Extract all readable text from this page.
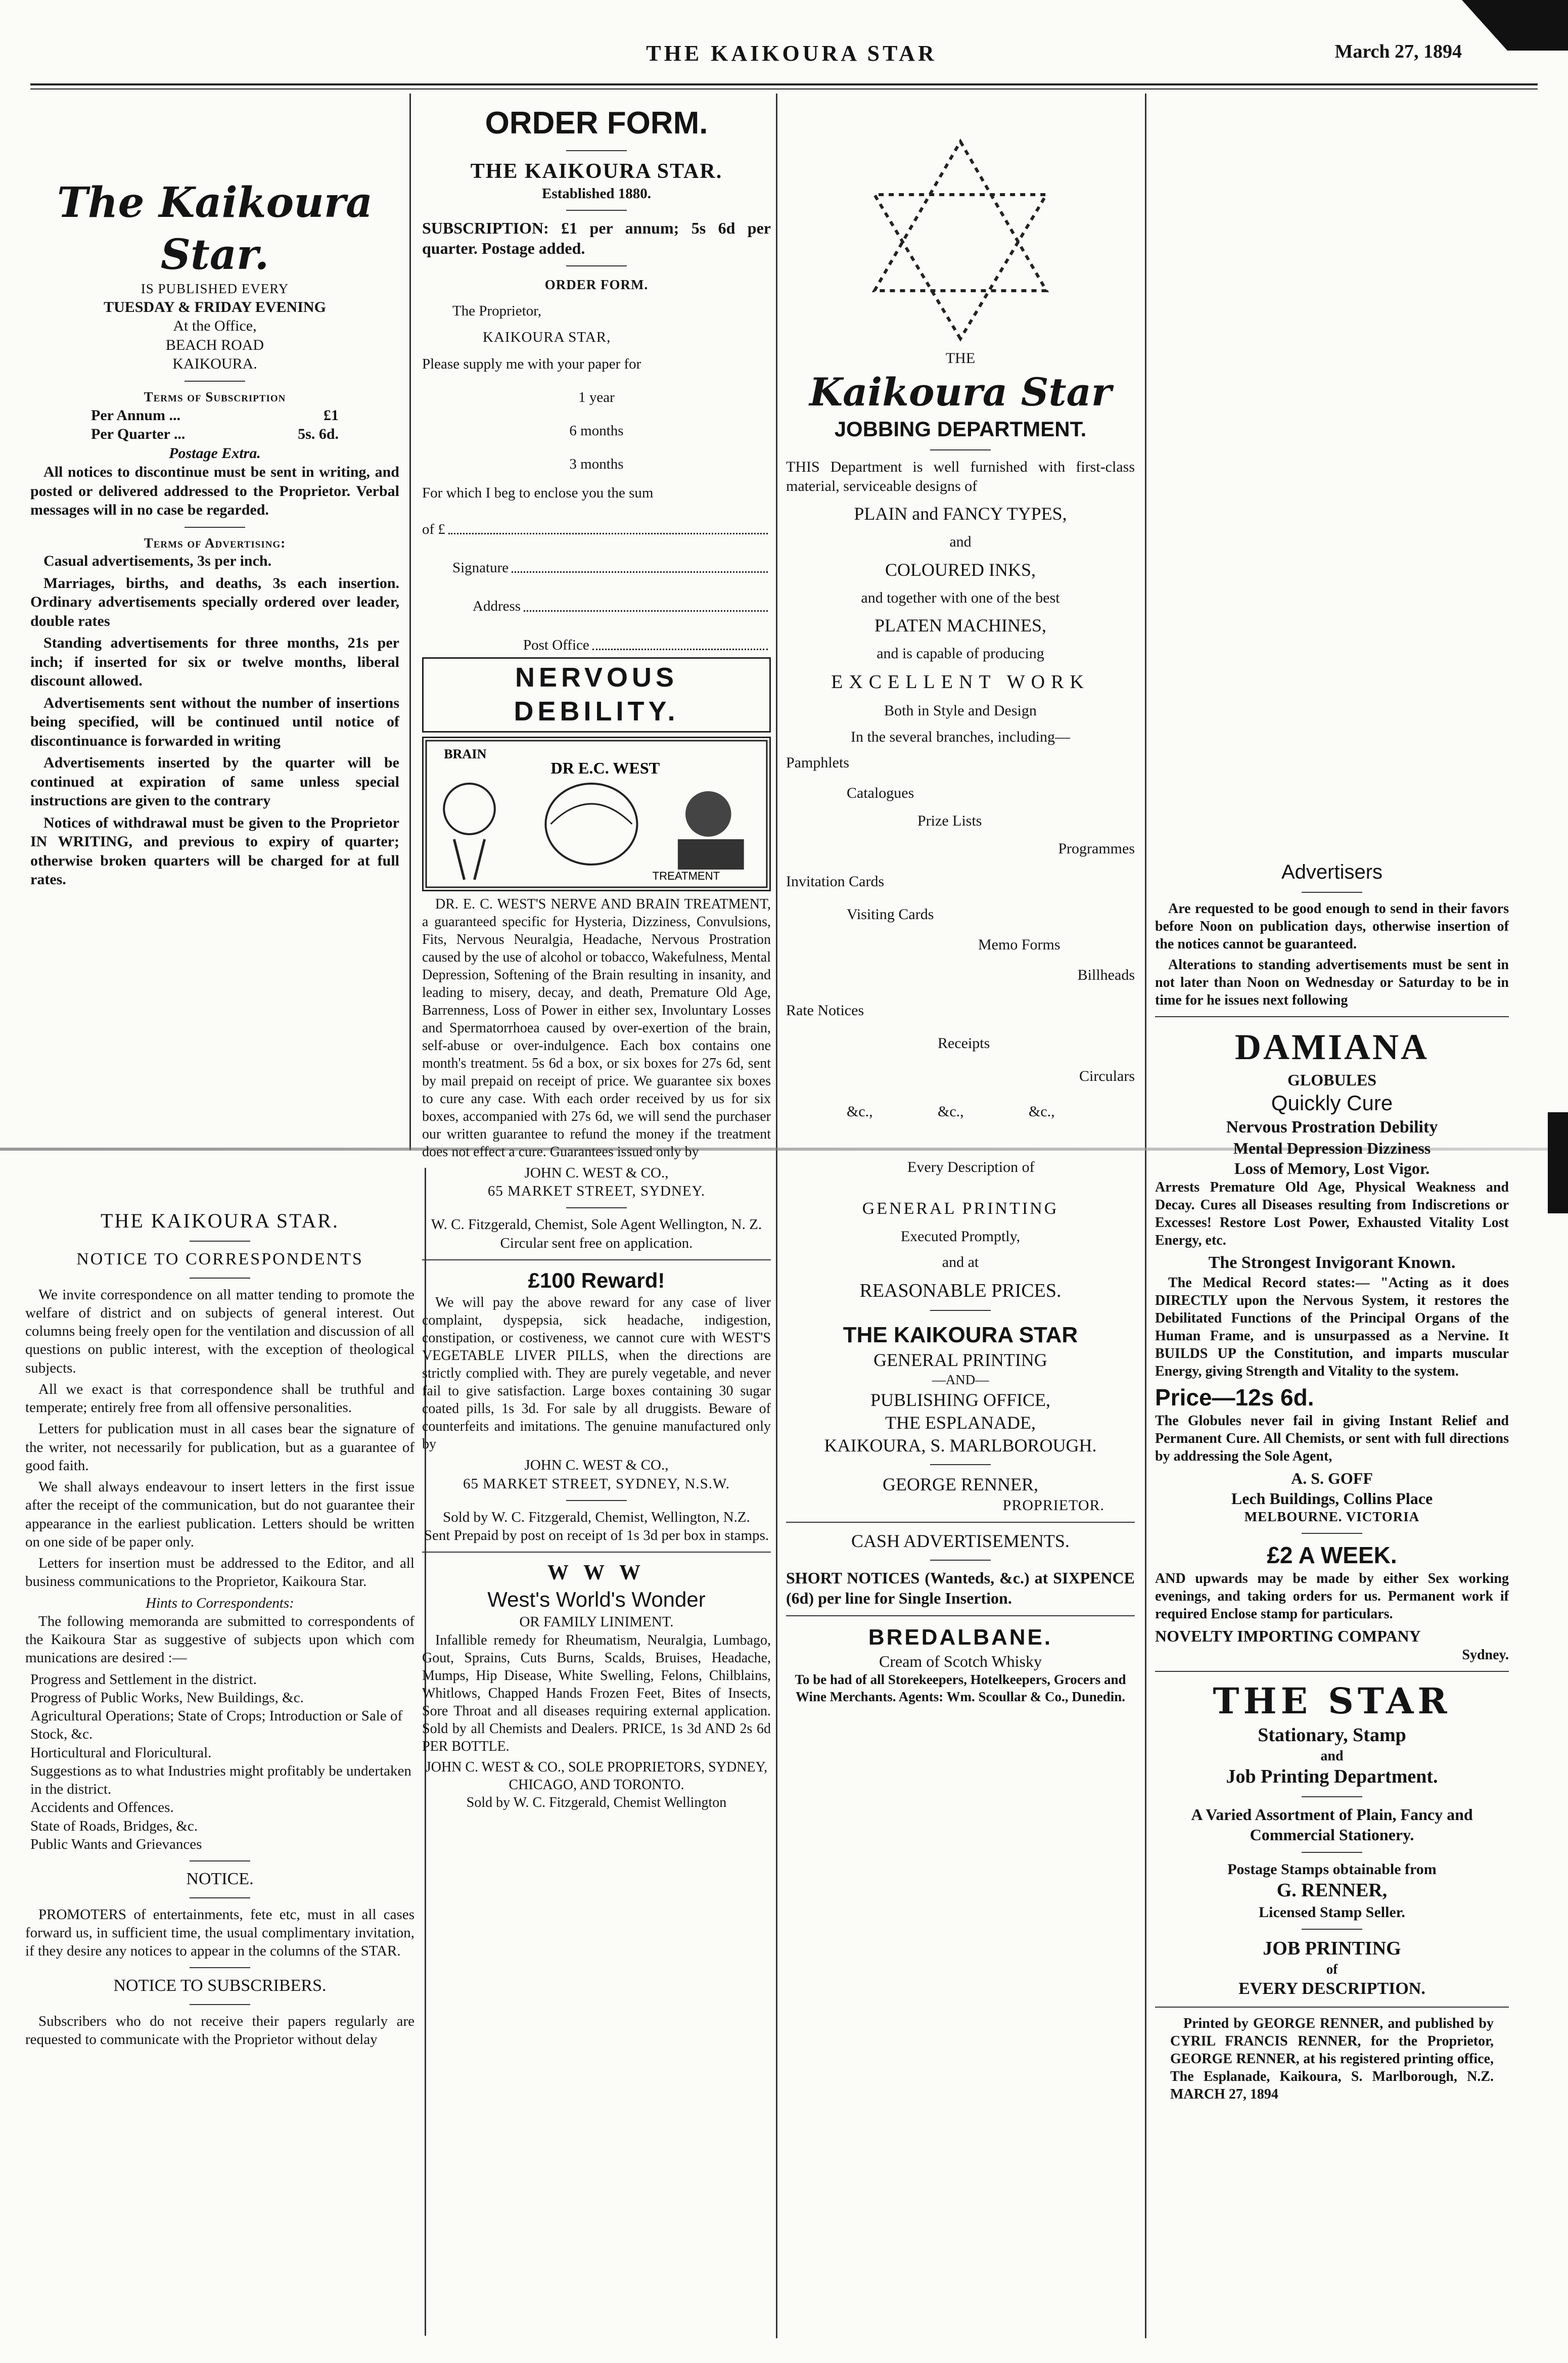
THE KAIKOURA STAR	March 27, 1894
The Kaikoura Star.
IS PUBLISHED EVERY
TUESDAY & FRIDAY EVENING
At the Office,
BEACH ROAD
KAIKOURA.
Terms of Subscription
Per Annum ...	£1
Per Quarter ...	5s. 6d.
Postage Extra.

All notices to discontinue must be sent in writing, and posted or delivered addressed to the Proprietor. Verbal messages will in no case be regarded.

Terms of Advertising:

Casual advertisements, 3s per inch.

Marriages, births, and deaths, 3s each insertion. Ordinary advertisements specially ordered over leader, double rates

Standing advertisements for three months, 21s per inch; if inserted for six or twelve months, liberal discount allowed.

Advertisements sent without the number of insertions being specified, will be continued until notice of discontinuance is forwarded in writing

Advertisements inserted by the quarter will be continued at expiration of same unless special instructions are given to the contrary

Notices of withdrawal must be given to the Proprietor IN WRITING, and previous to expiry of quarter; otherwise broken quarters will be charged for at full rates.

THE KAIKOURA STAR.
NOTICE TO CORRESPONDENTS

We invite correspondence on all matter tending to promote the welfare of district and on subjects of general interest. Out columns being freely open for the ventilation and discussion of all questions on public interest, with the exception of theological subjects.

All we exact is that correspondence shall be truthful and temperate; entirely free from all offensive personalities.

Letters for publication must in all cases bear the signature of the writer, not necessarily for publication, but as a guarantee of good faith.

We shall always endeavour to insert letters in the first issue after the receipt of the communication, but do not guarantee their appearance in the earliest publication. Letters should be written on one side of be paper only.

Letters for insertion must be addressed to the Editor, and all business communications to the Proprietor, Kaikoura Star.

Hints to Correspondents:

The following memoranda are submitted to correspondents of the Kaikoura Star as suggestive of subjects upon which com munications are desired :—

Progress and Settlement in the district.
Progress of Public Works, New Buildings, &c.
Agricultural Operations; State of Crops; Introduction or Sale of Stock, &c.
Horticultural and Floricultural.
Suggestions as to what Industries might profitably be undertaken in the district.
Accidents and Offences.
State of Roads, Bridges, &c.
Public Wants and Grievances
NOTICE.

PROMOTERS of entertainments, fete etc, must in all cases forward us, in sufficient time, the usual complimentary invitation, if they desire any notices to appear in the columns of the STAR.

NOTICE TO SUBSCRIBERS.

Subscribers who do not receive their papers regularly are requested to communicate with the Proprietor without delay

ORDER FORM.
THE KAIKOURA STAR.
Established 1880.

SUBSCRIPTION: £1 per annum; 5s 6d per quarter. Postage added.

ORDER FORM.
The Proprietor,
KAIKOURA STAR,
Please supply me with your paper for
1 year
6 months
3 months
For which I beg to enclose you the sum
of £
Signature
Address
Post Office
NERVOUS DEBILITY.
BRAIN
DR E.C. WEST
TREATMENT

DR. E. C. WEST'S NERVE AND BRAIN TREATMENT, a guaranteed specific for Hysteria, Dizziness, Convulsions, Fits, Nervous Neuralgia, Headache, Nervous Prostration caused by the use of alcohol or tobacco, Wakefulness, Mental Depression, Softening of the Brain resulting in insanity, and leading to misery, decay, and death, Premature Old Age, Barrenness, Loss of Power in either sex, Involuntary Losses and Spermatorrhoea caused by over-exertion of the brain, self-abuse or over-indulgence. Each box contains one month's treatment. 5s 6d a box, or six boxes for 27s 6d, sent by mail prepaid on receipt of price. We guarantee six boxes to cure any case. With each order received by us for six boxes, accompanied with 27s 6d, we will send the purchaser our written guarantee to refund the money if the treatment does not effect a cure. Guarantees issued only by

JOHN C. WEST & CO.,
65 MARKET STREET, SYDNEY.
W. C. Fitzgerald, Chemist, Sole Agent Wellington, N. Z.
Circular sent free on application.
£100 Reward!

We will pay the above reward for any case of liver complaint, dyspepsia, sick headache, indigestion, constipation, or costiveness, we cannot cure with WEST'S VEGETABLE LIVER PILLS, when the directions are strictly complied with. They are purely vegetable, and never fail to give satisfaction. Large boxes containing 30 sugar coated pills, 1s 3d. For sale by all druggists. Beware of counterfeits and imitations. The genuine manufactured only by

JOHN C. WEST & CO.,
65 MARKET STREET, SYDNEY, N.S.W.
Sold by W. C. Fitzgerald, Chemist, Wellington, N.Z.
Sent Prepaid by post on receipt of 1s 3d per box in stamps.
W W W
West's World's Wonder
OR FAMILY LINIMENT.

Infallible remedy for Rheumatism, Neuralgia, Lumbago, Gout, Sprains, Cuts Burns, Scalds, Bruises, Headache, Mumps, Hip Disease, White Swelling, Felons, Chilblains, Whitlows, Chapped Hands Frozen Feet, Bites of Insects, Sore Throat and all diseases requiring external application. Sold by all Chemists and Dealers. PRICE, 1s 3d AND 2s 6d PER BOTTLE.

JOHN C. WEST & CO., SOLE PROPRIETORS, SYDNEY, CHICAGO, AND TORONTO.
Sold by W. C. Fitzgerald, Chemist Wellington
THE
Kaikoura Star
JOBBING DEPARTMENT.

THIS Department is well furnished with first-class material, serviceable designs of

PLAIN and FANCY TYPES,
and
COLOURED INKS,
and together with one of the best
PLATEN MACHINES,
and is capable of producing
EXCELLENT WORK
Both in Style and Design
In the several branches, including—
Pamphlets
Catalogues
Prize Lists
Programmes
Invitation Cards
Visiting Cards
Memo Forms
Billheads
Rate Notices
Receipts
Circulars
&c.,	&c.,	&c.,
Every Description of
GENERAL PRINTING
Executed Promptly,
and at
REASONABLE PRICES.
THE KAIKOURA STAR
GENERAL PRINTING
—AND—
PUBLISHING OFFICE,
THE ESPLANADE,
KAIKOURA, S. MARLBOROUGH.
GEORGE RENNER,
PROPRIETOR.
CASH ADVERTISEMENTS.

SHORT NOTICES (Wanteds, &c.) at SIXPENCE (6d) per line for Single Insertion.

BREDALBANE.
Cream of Scotch Whisky
To be had of all Storekeepers, Hotelkeepers, Grocers and Wine Merchants. Agents: Wm. Scoullar & Co., Dunedin.
Advertisers

Are requested to be good enough to send in their favors before Noon on publication days, otherwise insertion of the notices cannot be guaranteed.

Alterations to standing advertisements must be sent in not later than Noon on Wednesday or Saturday to be in time for he issues next following

DAMIANA
GLOBULES
Quickly Cure
Nervous Prostration Debility
Mental Depression Dizziness
Loss of Memory, Lost Vigor.

Arrests Premature Old Age, Physical Weakness and Decay. Cures all Diseases resulting from Indiscretions or Excesses! Restore Lost Power, Exhausted Vitality Lost Energy, etc.

The Strongest Invigorant Known.

The Medical Record states:— "Acting as it does DIRECTLY upon the Nervous System, it restores the Debilitated Functions of the Principal Organs of the Human Frame, and is unsurpassed as a Nervine. It BUILDS UP the Constitution, and imparts muscular Energy, giving Strength and Vitality to the system.

Price—12s 6d.

The Globules never fail in giving Instant Relief and Permanent Cure. All Chemists, or sent with full directions by addressing the Sole Agent,

A. S. GOFF
Lech Buildings, Collins Place
MELBOURNE. VICTORIA
£2 A WEEK.

AND upwards may be made by either Sex working evenings, and taking orders for us. Permanent work if required Enclose stamp for particulars.

NOVELTY IMPORTING COMPANY
Sydney.
THE STAR
Stationary, Stamp
and
Job Printing Department.
A Varied Assortment of Plain, Fancy and Commercial Stationery.
Postage Stamps obtainable from
G. RENNER,
Licensed Stamp Seller.
JOB PRINTING
of
EVERY DESCRIPTION.

Printed by GEORGE RENNER, and published by CYRIL FRANCIS RENNER, for the Proprietor, GEORGE RENNER, at his registered printing office, The Esplanade, Kaikoura, S. Marlborough, N.Z. MARCH 27, 1894
